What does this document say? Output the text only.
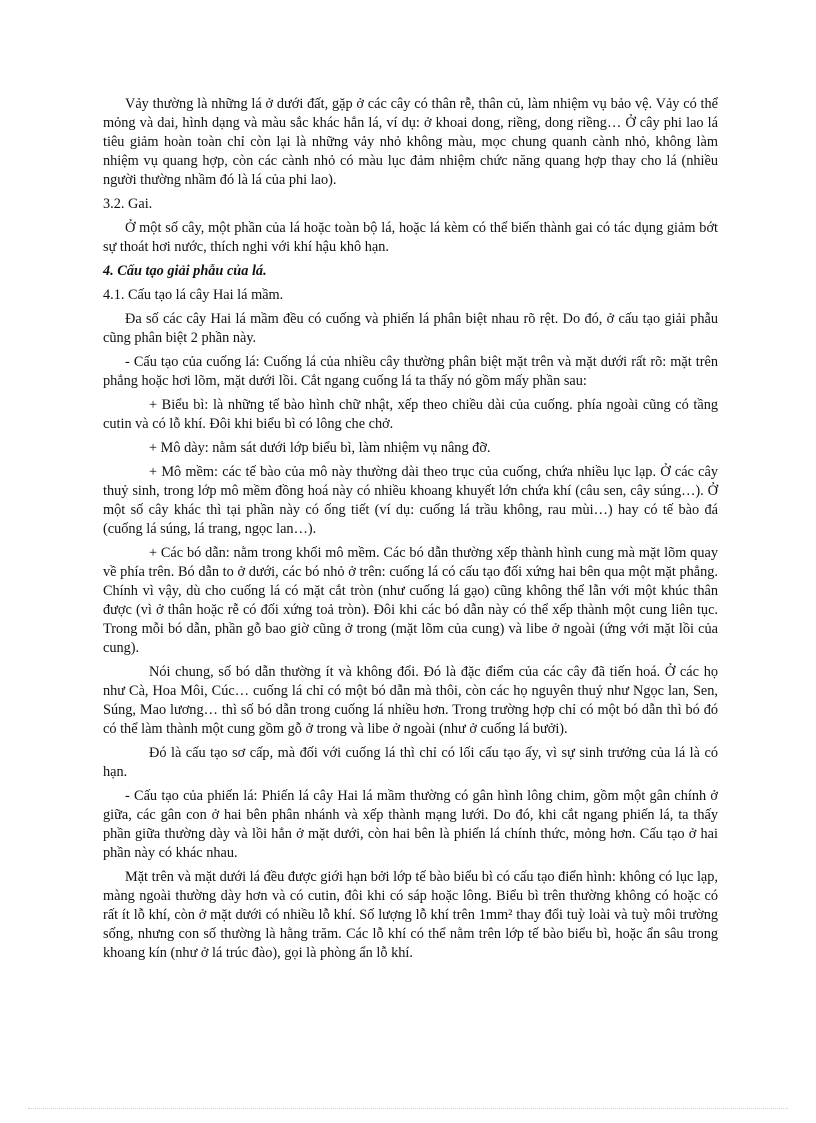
Vảy thường là những lá ở dưới đất, gặp ở các cây có thân rễ, thân củ, làm nhiệm vụ bảo vệ. Vảy có thể mỏng và dai, hình dạng và màu sắc khác hẳn lá, ví dụ: ở khoai dong, riềng, dong riềng… Ở cây phi lao lá tiêu giảm hoàn toàn chỉ còn lại là những vảy nhỏ không màu, mọc chung quanh cành nhỏ, không làm nhiệm vụ quang hợp, còn các cành nhỏ có màu lục đảm nhiệm chức năng quang hợp thay cho lá (nhiều người thường nhầm đó là lá của phi lao).

3.2. Gai.

Ở một số cây, một phần của lá hoặc toàn bộ lá, hoặc lá kèm có thể biến thành gai có tác dụng giảm bớt sự thoát hơi nước, thích nghi với khí hậu khô hạn.

4. Cấu tạo giải phẫu của lá.

4.1. Cấu tạo lá cây Hai lá mầm.

Đa số các cây Hai lá mầm đều có cuống và phiến lá phân biệt nhau rõ rệt. Do đó, ở cấu tạo giải phẫu cũng phân biệt 2 phần này.

- Cấu tạo của cuống lá: Cuống lá của nhiều cây thường phân biệt mặt trên và mặt dưới rất rõ: mặt trên phẳng hoặc hơi lõm, mặt dưới lồi. Cắt ngang cuống lá ta thấy nó gồm mấy phần sau:

+ Biểu bì: là những tế bào hình chữ nhật, xếp theo chiều dài của cuống. phía ngoài cũng có tầng cutin và có lỗ khí. Đôi khi biểu bì có lông che chở.

+ Mô dày: nằm sát dưới lớp biểu bì, làm nhiệm vụ nâng đỡ.

+ Mô mềm: các tế bào của mô này thường dài theo trục của cuống, chứa nhiều lục lạp. Ở các cây thuỷ sinh, trong lớp mô mềm đồng hoá này có nhiều khoang khuyết lớn chứa khí (câu sen, cây súng…). Ở một số cây khác thì tại phần này có ống tiết (ví dụ: cuống lá trầu không, rau mùi…) hay có tế bào đá (cuống lá súng, lá trang, ngọc lan…).

+ Các bó dẫn: nằm trong khối mô mềm. Các bó dẫn thường xếp thành hình cung mà mặt lõm quay về phía trên. Bó dẫn to ở dưới, các bó nhỏ ở trên: cuống lá có cấu tạo đối xứng hai bên qua một mặt phẳng. Chính vì vậy, dù cho cuống lá có mặt cắt tròn (như cuống lá gạo) cũng không thể lẫn với một khúc thân được (vì ở thân hoặc rễ có đối xứng toả tròn). Đôi khi các bó dẫn này có thể xếp thành một cung liên tục. Trong mỗi bó dẫn, phần gỗ bao giờ cũng ở trong (mặt lõm của cung) và libe ở ngoài (ứng với mặt lồi của cung).

Nói chung, số bó dẫn thường ít và không đổi. Đó là đặc điểm của các cây đã tiến hoá. Ở các họ như Cà, Hoa Môi, Cúc… cuống lá chỉ có một bó dẫn mà thôi, còn các họ nguyên thuỷ như Ngọc lan, Sen, Súng, Mao lương… thì số bó dẫn trong cuống lá nhiều hơn. Trong trường hợp chỉ có một bó dẫn thì bó đó có thể làm thành một cung gồm gỗ ở trong và libe ở ngoài (như ở cuống lá bưởi).

Đó là cấu tạo sơ cấp, mà đối với cuống lá thì chỉ có lối cấu tạo ấy, vì sự sinh trưởng của lá là có hạn.

- Cấu tạo của phiến lá: Phiến lá cây Hai lá mầm thường có gân hình lông chim, gồm một gân chính ở giữa, các gân con ở hai bên phân nhánh và xếp thành mạng lưới. Do đó, khi cắt ngang phiến lá, ta thấy phần giữa thường dày và lồi hẳn ở mặt dưới, còn hai bên là phiến lá chính thức, mỏng hơn. Cấu tạo ở hai phần này có khác nhau.

Mặt trên và mặt dưới lá đều được giới hạn bởi lớp tế bào biểu bì có cấu tạo điển hình: không có lục lạp, màng ngoài thường dày hơn và có cutin, đôi khi có sáp hoặc lông. Biểu bì trên thường không có hoặc có rất ít lỗ khí, còn ở mặt dưới có nhiều lỗ khí. Số lượng lỗ khí trên 1mm² thay đổi tuỳ loài và tuỳ môi trường sống, nhưng con số thường là hằng trăm. Các lỗ khí có thể nằm trên lớp tế bào biểu bì, hoặc ẩn sâu trong khoang kín (như ở lá trúc đào), gọi là phòng ẩn lỗ khí.
